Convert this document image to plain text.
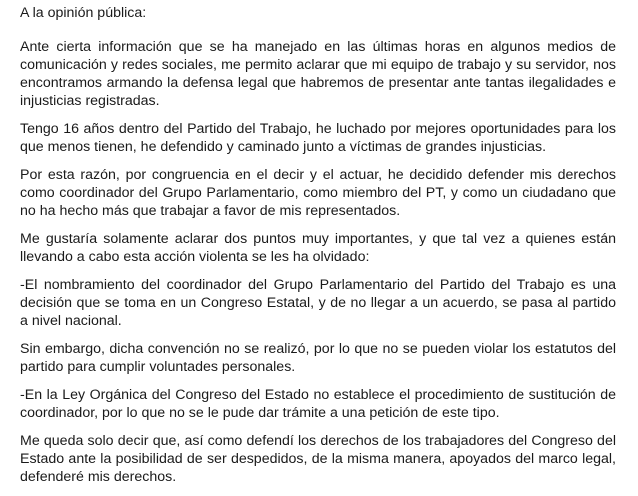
A la opinión pública:

Ante cierta información que se ha manejado en las últimas horas en algunos medios de comunicación y redes sociales, me permito aclarar que mi equipo de trabajo y su servidor, nos encontramos armando la defensa legal que habremos de presentar ante tantas ilegalidades e injusticias registradas.

Tengo 16 años dentro del Partido del Trabajo, he luchado por mejores oportunidades para los que menos tienen, he defendido y caminado junto a víctimas de grandes injusticias.

Por esta razón, por congruencia en el decir y el actuar, he decidido defender mis derechos como coordinador del Grupo Parlamentario, como miembro del PT, y como un ciudadano que no ha hecho más que trabajar a favor de mis representados.

Me gustaría solamente aclarar dos puntos muy importantes, y que tal vez a quienes están llevando a cabo esta acción violenta se les ha olvidado:

-El nombramiento del coordinador del Grupo Parlamentario del Partido del Trabajo es una decisión que se toma en un Congreso Estatal, y de no llegar a un acuerdo, se pasa al partido a nivel nacional.

Sin embargo, dicha convención no se realizó, por lo que no se pueden violar los estatutos del partido para cumplir voluntades personales.

-En la Ley Orgánica del Congreso del Estado no establece el procedimiento de sustitución de coordinador, por lo que no se le pude dar trámite a una petición de este tipo.

Me queda solo decir que, así como defendí los derechos de los trabajadores del Congreso del Estado ante la posibilidad de ser despedidos, de la misma manera, apoyados del marco legal, defenderé mis derechos.
